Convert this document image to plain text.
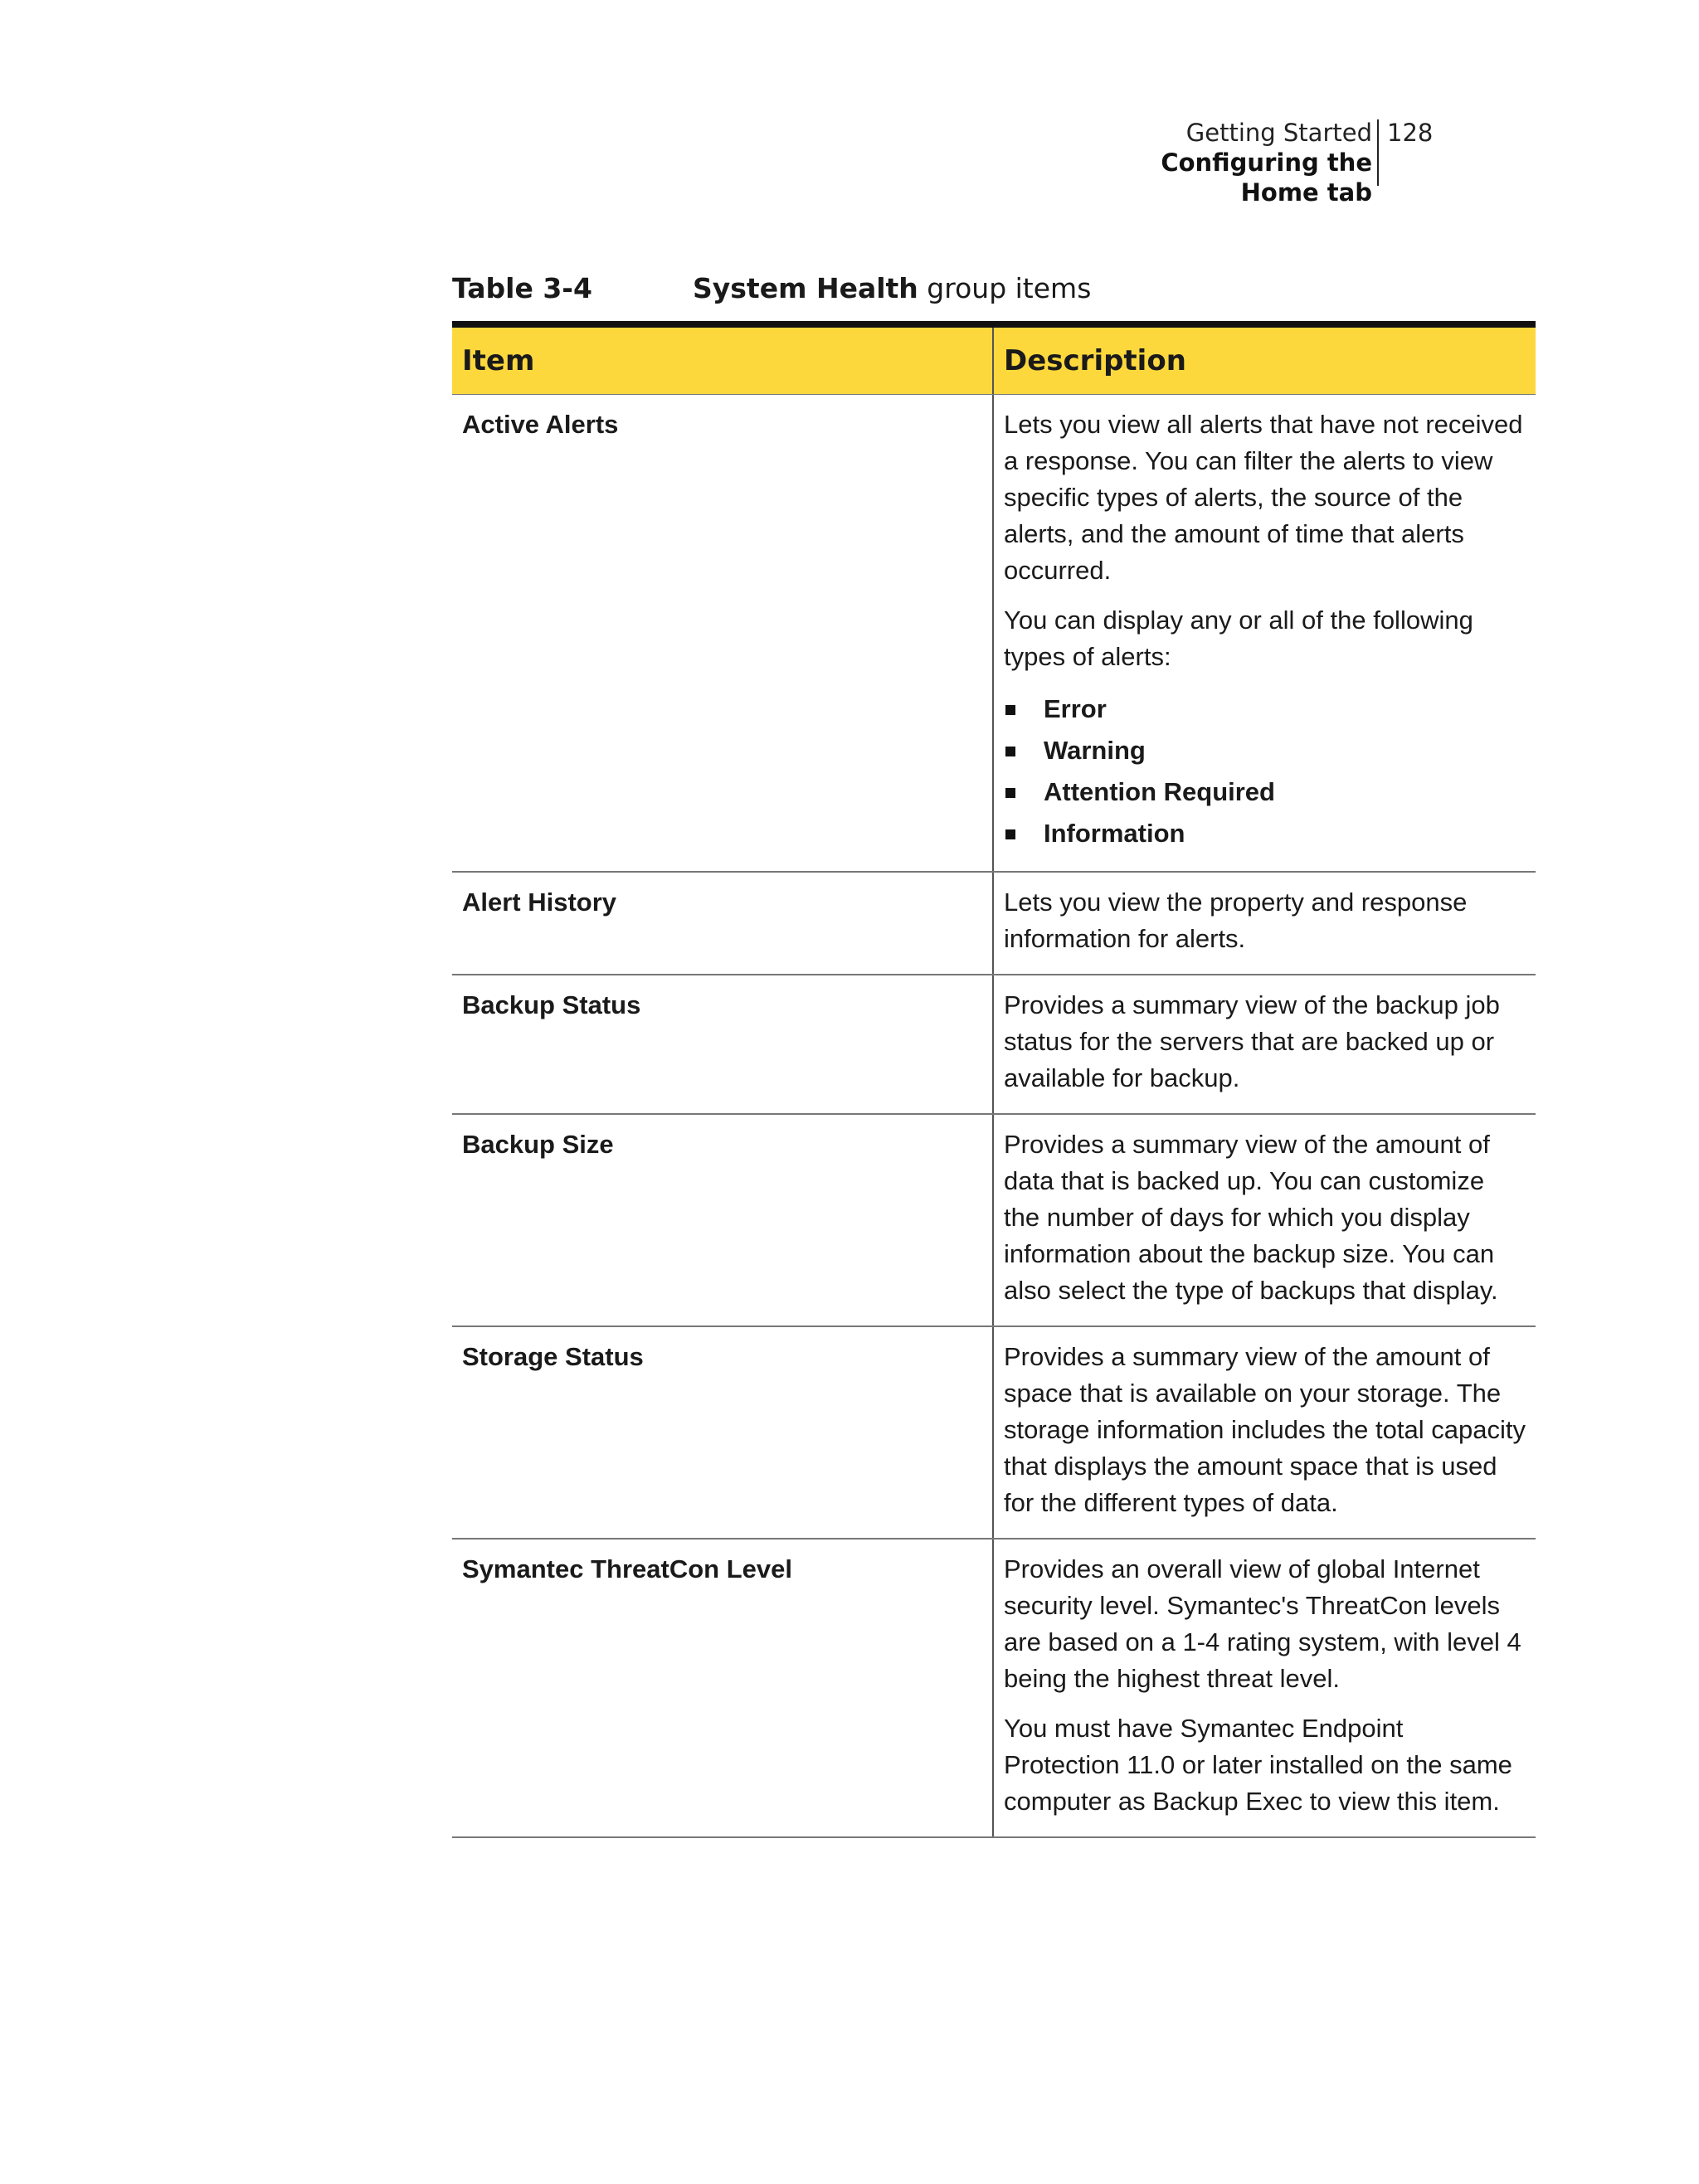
Getting Started
Configuring the Home tab
128
Table 3-4	System Health group items
Item	Description
Active Alerts	Lets you view all alerts that have not received a response. You can filter the alerts to view specific types of alerts, the source of the alerts, and the amount of time that alerts occurred.

You can display any or all of the following types of alerts:

Error
Warning
Attention Required
Information
Alert History	Lets you view the property and response information for alerts.

Backup Status	Provides a summary view of the backup job status for the servers that are backed up or available for backup.

Backup Size	Provides a summary view of the amount of data that is backed up. You can customize the number of days for which you display information about the backup size. You can also select the type of backups that display.

Storage Status	Provides a summary view of the amount of space that is available on your storage. The storage information includes the total capacity that displays the amount space that is used for the different types of data.

Symantec ThreatCon Level	Provides an overall view of global Internet security level. Symantec's ThreatCon levels are based on a 1-4 rating system, with level 4 being the highest threat level.

You must have Symantec Endpoint Protection 11.0 or later installed on the same computer as Backup Exec to view this item.
